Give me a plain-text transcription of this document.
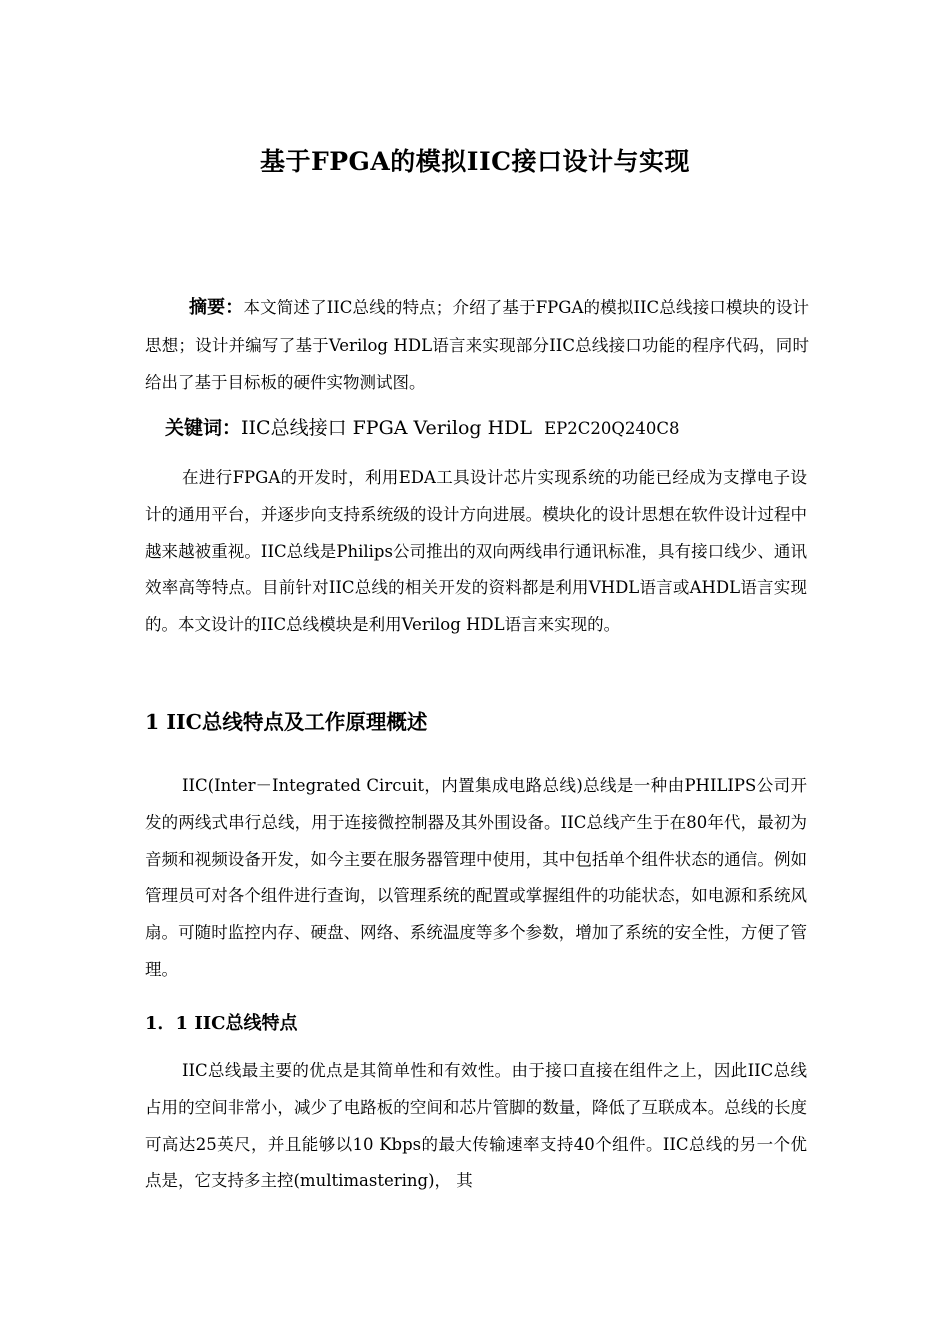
基于FPGA的模拟IIC接口设计与实现
摘要：本文简述了IIC总线的特点；介绍了基于FPGA的模拟IIC总线接口模块的设计思想；设计并编写了基于Verilog HDL语言来实现部分IIC总线接口功能的程序代码，同时给出了基于目标板的硬件实物测试图。
关键词：IIC总线接口 FPGA Verilog HDL EP2C20Q240C8
在进行FPGA的开发时，利用EDA工具设计芯片实现系统的功能已经成为支撑电子设计的通用平台，并逐步向支持系统级的设计方向进展。模块化的设计思想在软件设计过程中越来越被重视。IIC总线是Philips公司推出的双向两线串行通讯标准，具有接口线少、通讯效率高等特点。目前针对IIC总线的相关开发的资料都是利用VHDL语言或AHDL语言实现的。本文设计的IIC总线模块是利用Verilog HDL语言来实现的。
1 IIC总线特点及工作原理概述
IIC(Inter－Integrated Circuit，内置集成电路总线)总线是一种由PHILIPS公司开发的两线式串行总线，用于连接微控制器及其外围设备。IIC总线产生于在80年代，最初为音频和视频设备开发，如今主要在服务器管理中使用，其中包括单个组件状态的通信。例如管理员可对各个组件进行查询，以管理系统的配置或掌握组件的功能状态，如电源和系统风扇。可随时监控内存、硬盘、网络、系统温度等多个参数，增加了系统的安全性，方便了管理。
1．1 IIC总线特点
IIC总线最主要的优点是其简单性和有效性。由于接口直接在组件之上，因此IIC总线占用的空间非常小，减少了电路板的空间和芯片管脚的数量，降低了互联成本。总线的长度可高达25英尺，并且能够以10 Kbps的最大传输速率支持40个组件。IIC总线的另一个优点是，它支持多主控(multimastering)， 其
